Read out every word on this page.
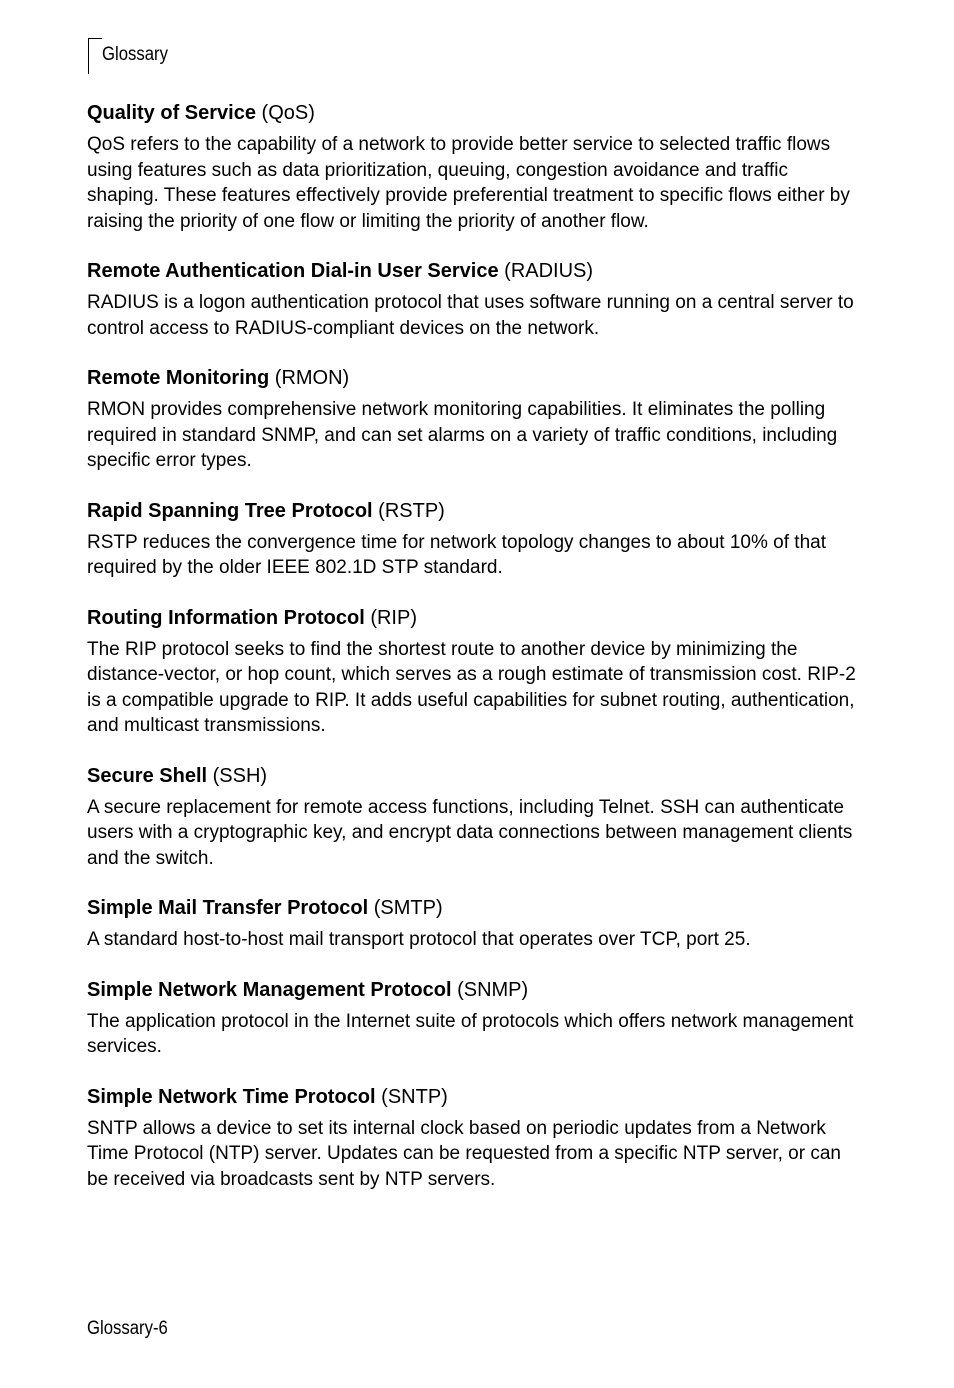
Glossary
Quality of Service (QoS)

QoS refers to the capability of a network to provide better service to selected traffic flows using features such as data prioritization, queuing, congestion avoidance and traffic shaping. These features effectively provide preferential treatment to specific flows either by raising the priority of one flow or limiting the priority of another flow.

Remote Authentication Dial-in User Service (RADIUS)

RADIUS is a logon authentication protocol that uses software running on a central server to control access to RADIUS-compliant devices on the network.

Remote Monitoring (RMON)

RMON provides comprehensive network monitoring capabilities. It eliminates the polling required in standard SNMP, and can set alarms on a variety of traffic conditions, including specific error types.

Rapid Spanning Tree Protocol (RSTP)

RSTP reduces the convergence time for network topology changes to about 10% of that required by the older IEEE 802.1D STP standard.

Routing Information Protocol (RIP)

The RIP protocol seeks to find the shortest route to another device by minimizing the distance-vector, or hop count, which serves as a rough estimate of transmission cost. RIP-2 is a compatible upgrade to RIP. It adds useful capabilities for subnet routing, authentication, and multicast transmissions.

Secure Shell (SSH)

A secure replacement for remote access functions, including Telnet. SSH can authenticate users with a cryptographic key, and encrypt data connections between management clients and the switch.

Simple Mail Transfer Protocol (SMTP)

A standard host-to-host mail transport protocol that operates over TCP, port 25.

Simple Network Management Protocol (SNMP)

The application protocol in the Internet suite of protocols which offers network management services.

Simple Network Time Protocol (SNTP)

SNTP allows a device to set its internal clock based on periodic updates from a Network Time Protocol (NTP) server. Updates can be requested from a specific NTP server, or can be received via broadcasts sent by NTP servers.

Glossary-6
